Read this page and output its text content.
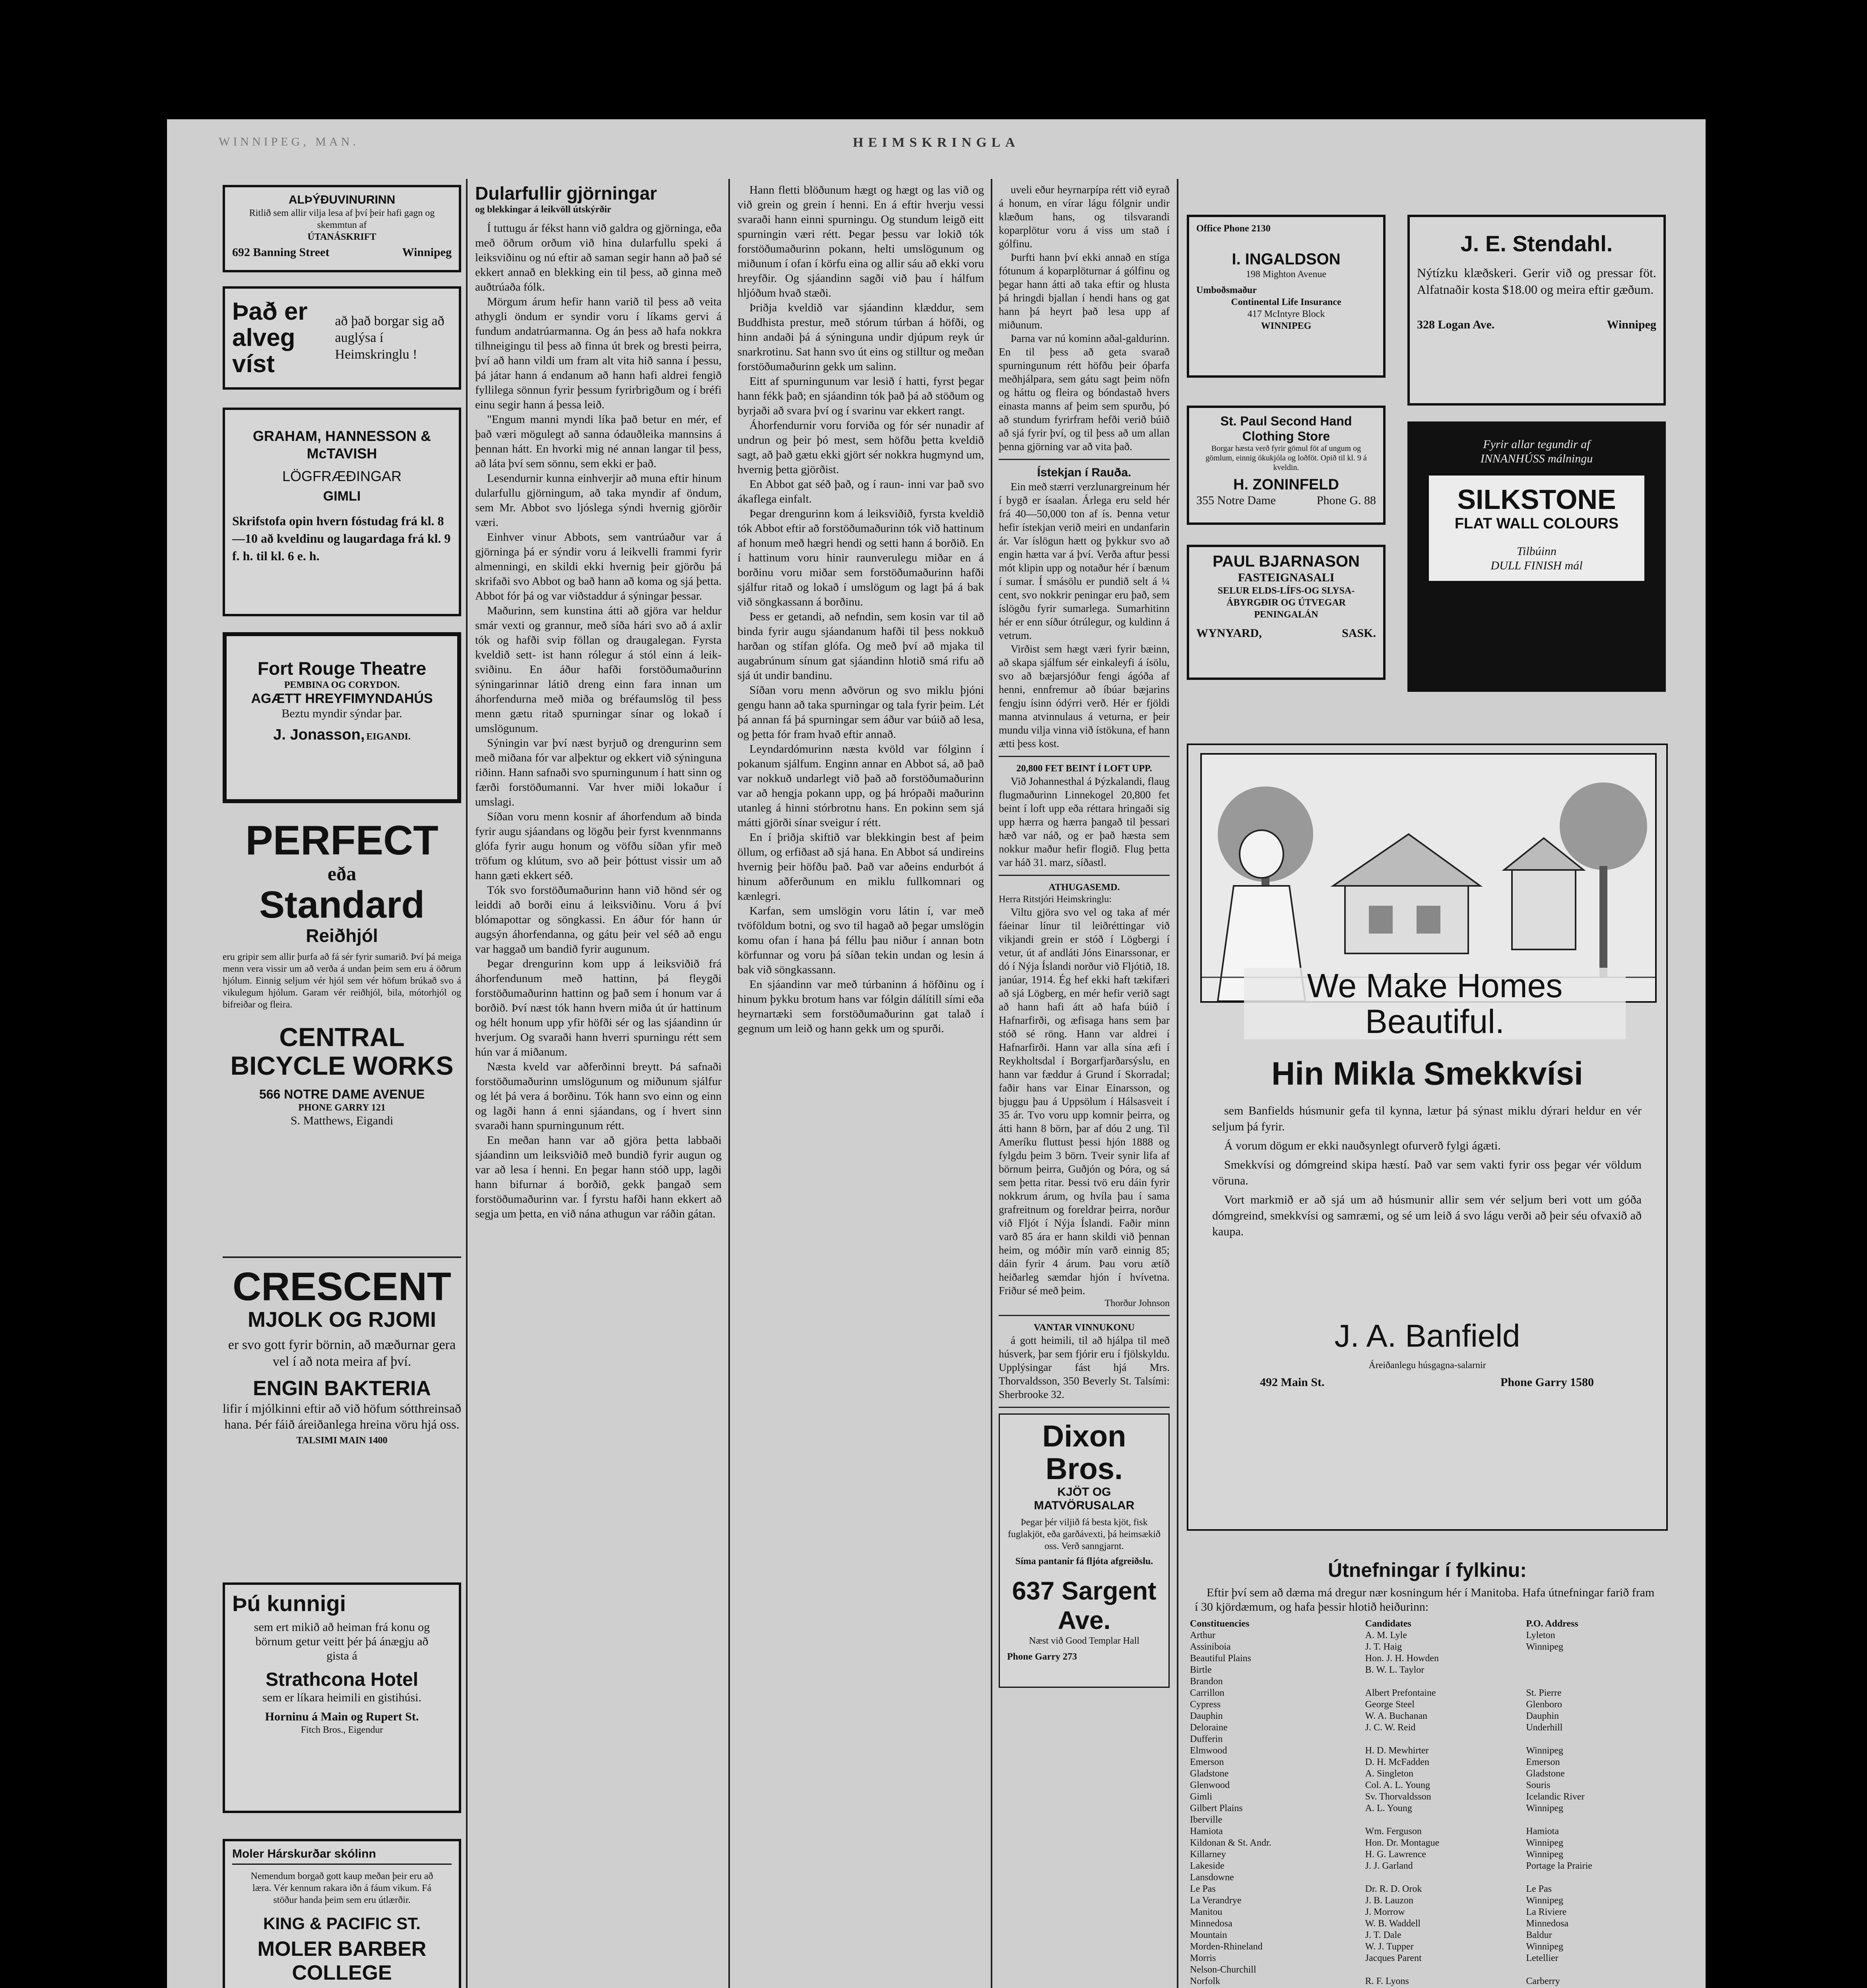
WINNIPEG, MAN.	HEIMSKRINGLA
ALÞÝÐUVINURINN
Ritlið sem allir vilja lesa af því þeir hafi gagn og skemmtun af
ÚTANÁSKRIFT
692 Banning Street	Winnipeg
Það er alveg víst
að það borgar sig að auglýsa í Heimskringlu !
GRAHAM, HANNESSON & McTAVISH
LÖGFRÆÐINGAR
GIMLI
Skrifstofa opin hvern fóstudag frá kl. 8—10 að kveldinu og laugardaga frá kl. 9 f. h. til kl. 6 e. h.
Fort Rouge Theatre
PEMBINA OG CORYDON.
AGÆTT HREYFIMYNDAHÚS
Beztu myndir sýndar þar.
J. Jonasson, EIGANDI.
PERFECT
eða
Standard
Reiðhjól
eru gripir sem allir þurfa að fá sér fyrir sumarið. Því þá meiga menn vera vissir um að verða á undan þeim sem eru á öðrum hjólum. Einnig seljum vér hjól sem vér höfum brúkað svo á vikulegum hjólum. Garam vér reiðhjól, bila, mótorhjól og bifreiðar og fleira.
CENTRAL BICYCLE WORKS
566 NOTRE DAME AVENUE
PHONE GARRY 121
S. Matthews, Eigandi
CRESCENT
MJOLK OG RJOMI
er svo gott fyrir börnin, að mæðurnar gera vel í að nota meira af því.
ENGIN BAKTERIA
lifir í mjólkinni eftir að við höfum sótthreinsað hana. Þér fáið áreiðanlega hreina vöru hjá oss.
TALSIMI MAIN 1400
Þú kunnigi
sem ert mikið að heiman frá konu og börnum getur veitt þér þá ánægju að gista á
Strathcona Hotel
sem er líkara heimili en gistihúsi.
Horninu á Main og Rupert St.
Fitch Bros., Eigendur
Moler Hárskurðar skólinn
Nemendum borgað gott kaup meðan þeir eru að læra. Vér kennum rakara iðn á fáum vikum. Fá stöður handa þeim sem eru útlærðir.
KING & PACIFIC ST.
MOLER BARBER COLLEGE
Dularfullir gjörningar
og blekkingar á leikvöll útskýrðir

Í tuttugu ár fékst hann við galdra og gjörninga, eða með öðrum orðum við hina dularfullu speki á leiksviðinu og nú eftir að saman segir hann að það sé ekkert annað en blekking ein til þess, að ginna með auðtrúaða fólk.

Mörgum árum hefir hann varið til þess að veita athygli öndum er syndir voru í líkams gervi á fundum andatrúarmanna. Og án þess að hafa nokkra tilhneigingu til þess að finna út brek og bresti þeirra, því að hann vildi um fram alt vita hið sanna í þessu, þá játar hann á endanum að hann hafi aldrei fengið fyllilega sönnun fyrir þessum fyrirbrigðum og í bréfi einu segir hann á þessa leið.

"Engum manni myndi líka það betur en mér, ef það væri mögulegt að sanna ódauðleika mannsins á þennan hátt. En hvorki mig né annan langar til þess, að láta því sem sönnu, sem ekki er það.

Lesendurnir kunna einhverjir að muna eftir hinum dularfullu gjörningum, að taka myndir af öndum, sem Mr. Abbot svo ljóslega sýndi hvernig gjörðir væri.

Einhver vinur Abbots, sem vantrúaður var á gjörninga þá er sýndir voru á leikvelli frammi fyrir almenningi, en skildi ekki hvernig þeir gjörðu þá skrifaði svo Abbot og bað hann að koma og sjá þetta. Abbot fór þá og var viðstaddur á sýningar þessar.

Maðurinn, sem kunstina átti að gjöra var heldur smár vexti og grannur, með síða hári svo að á axlir tók og hafði svip föllan og draugalegan. Fyrsta kveldið sett- ist hann rólegur á stól einn á leik- sviðinu. En áður hafði forstöðumaðurinn sýningarinnar látið dreng einn fara innan um áhorfendurna með miða og bréfaumslög til þess menn gætu ritað spurningar sínar og lokað í umslögunum.

Sýningin var því næst byrjuð og drengurinn sem með miðana fór var alþektur og ekkert við sýninguna riðinn. Hann safnaði svo spurningunum í hatt sinn og færði forstöðumanni. Var hver miði lokaður í umslagi.

Síðan voru menn kosnir af áhorfendum að binda fyrir augu sjáandans og lögðu þeir fyrst kvennmanns glófa fyrir augu honum og vöfðu síðan yfir með tröfum og klútum, svo að þeir þóttust vissir um að hann gæti ekkert séð.

Tók svo forstöðumaðurinn hann við hönd sér og leiddi að borði einu á leiksviðinu. Voru á því blómapottar og söngkassi. En áður fór hann úr augsýn áhorfendanna, og gátu þeir vel séð að engu var haggað um bandið fyrir augunum.

Þegar drengurinn kom upp á leiksviðið frá áhorfendunum með hattinn, þá fleygði forstöðumaðurinn hattinn og það sem í honum var á borðið. Því næst tók hann hvern miða út úr hattinum og hélt honum upp yfir höfði sér og las sjáandinn úr hverjum. Og svaraði hann hverri spurningu rétt sem hún var á miðanum.

Næsta kveld var aðferðinni breytt. Þá safnaði forstöðumaðurinn umslögunum og miðunum sjálfur og lét þá vera á borðinu. Tók hann svo einn og einn og lagði hann á enni sjáandans, og í hvert sinn svaraði hann spurningunum rétt.

En meðan hann var að gjöra þetta labbaði sjáandinn um leiksviðið með bundið fyrir augun og var að lesa í henni. En þegar hann stóð upp, lagði hann bifurnar á borðið, gekk þangað sem forstöðumaðurinn var. Í fyrstu hafði hann ekkert að segja um þetta, en við nána athugun var ráðin gátan.

Hann fletti blöðunum hægt og hægt og las við og við grein og grein í henni. En á eftir hverju vessi svaraði hann einni spurningu. Og stundum leigð eitt spurningin væri rétt. Þegar þessu var lokið tók forstöðumaðurinn pokann, helti umslögunum og miðunum í ofan í körfu eina og allir sáu að ekki voru hreyfðir. Og sjáandinn sagði við þau í hálfum hljóðum hvað stæði.

Þriðja kveldið var sjáandinn klæddur, sem Buddhista prestur, með stórum túrban á höfði, og hinn andaði þá á sýninguna undir djúpum reyk úr snarkrotinu. Sat hann svo út eins og stilltur og meðan forstöðumaðurinn gekk um salinn.

Eitt af spurningunum var lesið í hatti, fyrst þegar hann fékk það; en sjáandinn tók það þá að stöðum og byrjaði að svara því og í svarinu var ekkert rangt.

Áhorfendurnir voru forviða og fór sér nunadir af undrun og þeir þó mest, sem höfðu þetta kveldið sagt, að það gætu ekki gjört sér nokkra hugmynd um, hvernig þetta gjörðist.

En Abbot gat séð það, og í raun- inni var það svo ákaflega einfalt.

Þegar drengurinn kom á leiksviðið, fyrsta kveldið tók Abbot eftir að forstöðumaðurinn tók við hattinum af honum með hægri hendi og setti hann á borðið. En í hattinum voru hinir raunverulegu miðar en á borðinu voru miðar sem forstöðumaðurinn hafði sjálfur ritað og lokað í umslögum og lagt þá á bak við söngkassann á borðinu.

Þess er getandi, að nefndin, sem kosin var til að binda fyrir augu sjáandanum hafði til þess nokkuð harðan og stífan glófa. Og með því að mjaka til augabrúnum sínum gat sjáandinn hlotið smá rifu að sjá út undir bandinu.

Síðan voru menn aðvörun og svo miklu þjóni gengu hann að taka spurningar og tala fyrir þeim. Lét þá annan fá þá spurningar sem áður var búið að lesa, og þetta fór fram hvað eftir annað.

Leyndardómurinn næsta kvöld var fólginn í pokanum sjálfum. Enginn annar en Abbot sá, að það var nokkuð undarlegt við það að forstöðumaðurinn var að hengja pokann upp, og þá hrópaði maðurinn utanleg á hinni stórbrotnu hans. En pokinn sem sjá mátti gjörði sínar sveigur í rétt.

En í þriðja skiftið var blekkingin best af þeim öllum, og erfiðast að sjá hana. En Abbot sá undireins hvernig þeir höfðu það. Það var aðeins endurbót á hinum aðferðunum en miklu fullkomnari og kænlegri.

Karfan, sem umslögin voru látin í, var með tvöföldum botni, og svo til hagað að þegar umslögin komu ofan í hana þá féllu þau niður í annan botn körfunnar og voru þá síðan tekin undan og lesin á bak við söngkassann.

En sjáandinn var með túrbaninn á höfðinu og í hinum þykku brotum hans var fólgin dálítill sími eða heyrnartæki sem forstöðumaðurinn gat talað í gegnum um leið og hann gekk um og spurði.

uveli eður heyrnarpípa rétt við eyrað á honum, en vírar lágu fólgnir undir klæðum hans, og tilsvarandi koparplötur voru á viss um stað í gólfinu.

Þurfti hann því ekki annað en stíga fótunum á koparplöturnar á gólfinu og þegar hann átti að taka eftir og hlusta þá hringdi bjallan í hendi hans og gat hann þá heyrt það lesa upp af miðunum.

Þarna var nú kominn aðal-galdurinn. En til þess að geta svarað spurningunum rétt höfðu þeir óþarfa meðhjálpara, sem gátu sagt þeim nöfn og háttu og fleira og bóndastað hvers einasta manns af þeim sem spurðu, þó að stundum fyrirfram hefði verið búið að sjá fyrir því, og til þess að um allan þenna gjörning var að vita það.

Ístekjan í Rauða.

Ein með stærri verzlunargreinum hér í bygð er ísaalan. Árlega eru seld hér frá 40—50,000 ton af ís. Þenna vetur hefir ístekjan verið meiri en undanfarin ár. Var íslögun hætt og þykkur svo að engin hætta var á því. Verða aftur þessi mót klipin upp og notaður hér í bænum í sumar. Í smásölu er pundið selt á ¼ cent, svo nokkrir peningar eru það, sem íslögðu fyrir sumarlega. Sumarhitinn hér er enn síður ótrúlegur, og kuldinn á vetrum.

Virðist sem hægt væri fyrir bæinn, að skapa sjálfum sér einkaleyfi á ísölu, svo að bæjarsjóður fengi ágóða af henni, ennfremur að íbúar bæjarins fengju ísinn ódýrri verð. Hér er fjöldi manna atvinnulaus á veturna, er þeir mundu vilja vinna við ístökuna, ef hann ætti þess kost.

20,800 FET BEINT Í LOFT UPP.

Við Johannesthal á Þýzkalandi, flaug flugmaðurinn Linnekogel 20,800 fet beint í loft upp eða réttara hringaði sig upp hærra og hærra þangað til þessari hæð var náð, og er það hæsta sem nokkur maður hefir flogið. Flug þetta var háð 31. marz, síðastl.

ATHUGASEMD.
Herra Ritstjóri Heimskringlu:

Viltu gjöra svo vel og taka af mér fáeinar línur til leiðréttingar við vikjandi grein er stóð í Lögbergi í vetur, út af andláti Jóns Einarssonar, er dó í Nýja Íslandi norður við Fljótið, 18. janúar, 1914. Ég hef ekki haft tækifæri að sjá Lögberg, en mér hefir verið sagt að hann hafi átt að hafa búið í Hafnarfirði, og æfisaga hans sem þar stóð sé röng. Hann var aldrei í Hafnarfirði. Hann var alla sína æfi í Reykholtsdal í Borgarfjarðarsýslu, en hann var fæddur á Grund í Skorradal; faðir hans var Einar Einarsson, og bjuggu þau á Uppsölum í Hálsasveit í 35 ár. Tvo voru upp komnir þeirra, og átti hann 8 börn, þar af dóu 2 ung. Til Ameríku fluttust þessi hjón 1888 og fylgdu þeim 3 börn. Tveir synir lifa af börnum þeirra, Guðjón og Þóra, og sá sem þetta ritar. Þessi tvö eru dáin fyrir nokkrum árum, og hvíla þau í sama grafreitnum og foreldrar þeirra, norður við Fljót í Nýja Íslandi. Faðir minn varð 85 ára er hann skildi við þennan heim, og móðir mín varð einnig 85; dáin fyrir 4 árum. Þau voru ætíð heiðarleg sæmdar hjón í hvívetna. Friður sé með þeim.

Thorður Johnson
VANTAR VINNUKONU

á gott heimili, til að hjálpa til með húsverk, þar sem fjórir eru í fjölskyldu. Upplýsingar fást hjá Mrs. Thorvaldsson, 350 Beverly St. Talsími: Sherbrooke 32.

Dixon Bros.
KJÖT OG MATVÖRUSALAR
Þegar þér viljið fá besta kjöt, fisk fuglakjöt, eða garðávexti, þá heimsækið oss. Verð sanngjarnt.
Síma pantanir fá fljóta afgreiðslu.
637 Sargent Ave.
Næst við Good Templar Hall
Phone Garry 273
Office Phone 2130
I. INGALDSON
198 Mighton Avenue
Umboðsmaður
Continental Life Insurance
417 McIntyre Block
WINNIPEG
St. Paul Second Hand Clothing Store
Borgar hæsta verð fyrir gömul föt af ungum og gömlum, einnig ökukjóla og loðföt. Opið til kl. 9 á kveldin.
H. ZONINFELD
355 Notre Dame	Phone G. 88
PAUL BJARNASON
FASTEIGNASALI
SELUR ELDS-LÍFS-OG SLYSA-
ÁBYRGÐIR OG ÚTVEGAR
PENINGALÁN
WYNYARD,	SASK.
J. E. Stendahl.
Nýtízku klæðskeri. Gerir við og pressar föt. Alfatnaðir kosta $18.00 og meira eftir gæðum.
328 Logan Ave.	Winnipeg
Fyrir allar tegundir af
INNANHÚSS málningu
SILKSTONE
FLAT WALL COLOURS
Tilbúinn
DULL FINISH mál
We Make Homes Beautiful.
Hin Mikla Smekkvísi

sem Banfields húsmunir gefa til kynna, lætur þá sýnast miklu dýrari heldur en vér seljum þá fyrir.

Á vorum dögum er ekki nauðsynlegt ofurverð fylgi ágæti.

Smekkvísi og dómgreind skipa hæstí. Það var sem vakti fyrir oss þegar vér völdum vöruna.

Vort markmið er að sjá um að húsmunir allir sem vér seljum beri vott um góða dómgreind, smekkvísi og samræmi, og sé um leið á svo lágu verði að þeir séu ofvaxið að kaupa.

J. A. Banfield
Áreiðanlegu húsgagna-salarnir
492 Main St.	Phone Garry 1580
Útnefningar í fylkinu:
Eftir því sem að dæma má dregur nær kosningum hér í Manitoba. Hafa útnefningar farið fram í 30 kjördæmum, og hafa þessir hlotið heiðurinn:
Constituencies	Candidates	P.O. Address
Arthur	A. M. Lyle	Lyleton
Assiniboia	J. T. Haig	Winnipeg
Beautiful Plains	Hon. J. H. Howden	
Birtle	B. W. L. Taylor	
Brandon		
Carrillon	Albert Prefontaine	St. Pierre
Cypress	George Steel	Glenboro
Dauphin	W. A. Buchanan	Dauphin
Deloraine	J. C. W. Reid	Underhill
Dufferin		
Elmwood	H. D. Mewhirter	Winnipeg
Emerson	D. H. McFadden	Emerson
Gladstone	A. Singleton	Gladstone
Glenwood	Col. A. L. Young	Souris
Gimli	Sv. Thorvaldsson	Icelandic River
Gilbert Plains	A. L. Young	Winnipeg
Iberville		
Hamiota	Wm. Ferguson	Hamiota
Kildonan & St. Andr.	Hon. Dr. Montague	Winnipeg
Killarney	H. G. Lawrence	Winnipeg
Lakeside	J. J. Garland	Portage la Prairie
Lansdowne		
Le Pas	Dr. R. D. Orok	Le Pas
La Verandrye	J. B. Lauzon	Winnipeg
Manitou	J. Morrow	La Riviere
Minnedosa	W. B. Waddell	Minnedosa
Mountain	J. T. Dale	Baldur
Morden-Rhineland	W. J. Tupper	Winnipeg
Morris	Jacques Parent	Letellier
Nelson-Churchill		
Norfolk	R. F. Lyons	Carberry
